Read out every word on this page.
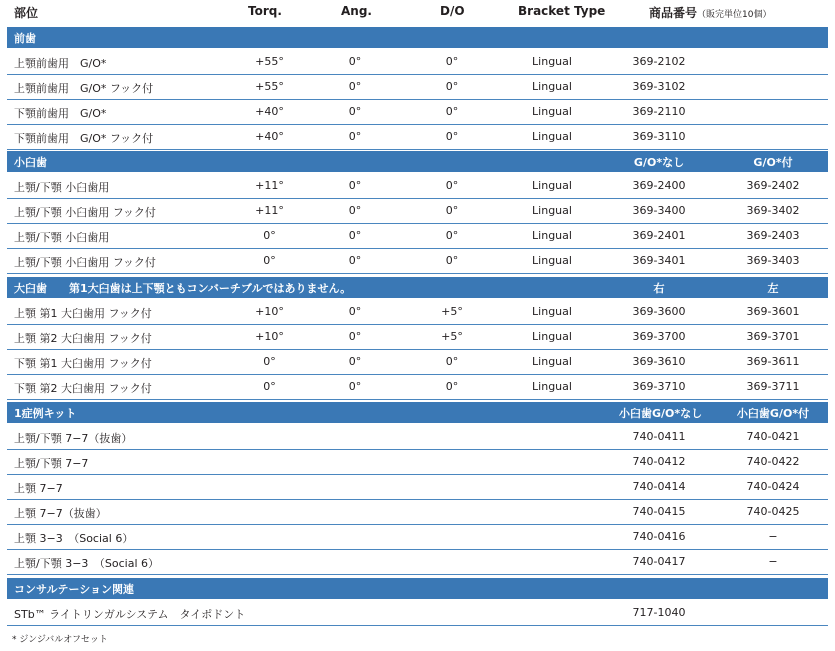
部位	Torq.	Ang.	D/O	Bracket Type	商品番号（販完単位10個）
前歯
上顎前歯用　G/O*	+55°	0°	0°	Lingual	369-2102
上顎前歯用　G/O* フック付	+55°	0°	0°	Lingual	369-3102
下顎前歯用　G/O*	+40°	0°	0°	Lingual	369-2110
下顎前歯用　G/O* フック付	+40°	0°	0°	Lingual	369-3110
小臼歯	G/O*なし	G/O*付
上顎/下顎 小臼歯用	+11°	0°	0°	Lingual	369-2400	369-2402
上顎/下顎 小臼歯用 フック付	+11°	0°	0°	Lingual	369-3400	369-3402
上顎/下顎 小臼歯用	0°	0°	0°	Lingual	369-2401	369-2403
上顎/下顎 小臼歯用 フック付	0°	0°	0°	Lingual	369-3401	369-3403
大臼歯　　第1大臼歯は上下顎ともコンバーチブルではありません。	右	左
上顎 第1 大臼歯用 フック付	+10°	0°	+5°	Lingual	369-3600	369-3601
上顎 第2 大臼歯用 フック付	+10°	0°	+5°	Lingual	369-3700	369-3701
下顎 第1 大臼歯用 フック付	0°	0°	0°	Lingual	369-3610	369-3611
下顎 第2 大臼歯用 フック付	0°	0°	0°	Lingual	369-3710	369-3711
1症例キット	小臼歯G/O*なし	小臼歯G/O*付
上顎/下顎 7−7（抜歯）	740-0411	740-0421
上顎/下顎 7−7	740-0412	740-0422
上顎 7−7	740-0414	740-0424
上顎 7−7（抜歯）	740-0415	740-0425
上顎 3−3　（Social 6）	740-0416	−
上顎/下顎 3−3　（Social 6）	740-0417	−
コンサルテーション関連
STb™ ライトリンガルシステム　タイポドント	717-1040
* ジンジバルオフセット
